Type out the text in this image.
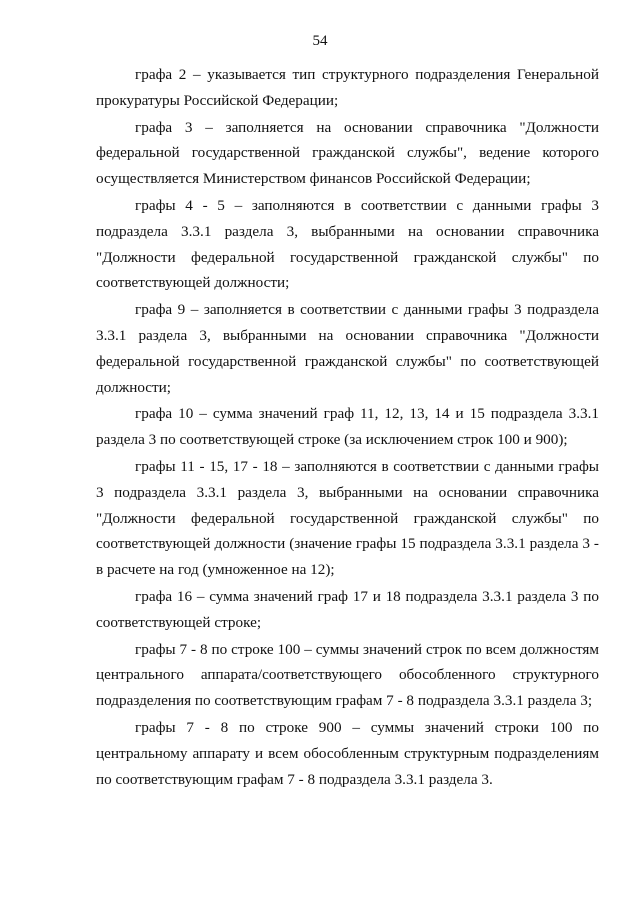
54

графа 2 – указывается тип структурного подразделения Генеральной прокуратуры Российской Федерации;

графа 3 – заполняется на основании справочника "Должности федеральной государственной гражданской службы", ведение которого осуществляется Министерством финансов Российской Федерации;

графы 4 - 5 – заполняются в соответствии с данными графы 3 подраздела 3.3.1 раздела 3, выбранными на основании справочника "Должности федеральной государственной гражданской службы" по соответствующей должности;

графа 9 – заполняется в соответствии с данными графы 3 подраздела 3.3.1 раздела 3, выбранными на основании справочника "Должности федеральной государственной гражданской службы" по соответствующей должности;

графа 10 – сумма значений граф 11, 12, 13, 14 и 15 подраздела 3.3.1 раздела 3 по соответствующей строке (за исключением строк 100 и 900);

графы 11 - 15, 17 - 18 – заполняются в соответствии с данными графы 3 подраздела 3.3.1 раздела 3, выбранными на основании справочника "Должности федеральной государственной гражданской службы" по соответствующей должности (значение графы 15 подраздела 3.3.1 раздела 3 - в расчете на год (умноженное на 12);

графа 16 – сумма значений граф 17 и 18 подраздела 3.3.1 раздела 3 по соответствующей строке;

графы 7 - 8 по строке 100 – суммы значений строк по всем должностям центрального аппарата/соответствующего обособленного структурного подразделения по соответствующим графам 7 - 8 подраздела 3.3.1 раздела 3;

графы 7 - 8 по строке 900 – суммы значений строки 100 по центральному аппарату и всем обособленным структурным подразделениям по соответствующим графам 7 - 8 подраздела 3.3.1 раздела 3.
